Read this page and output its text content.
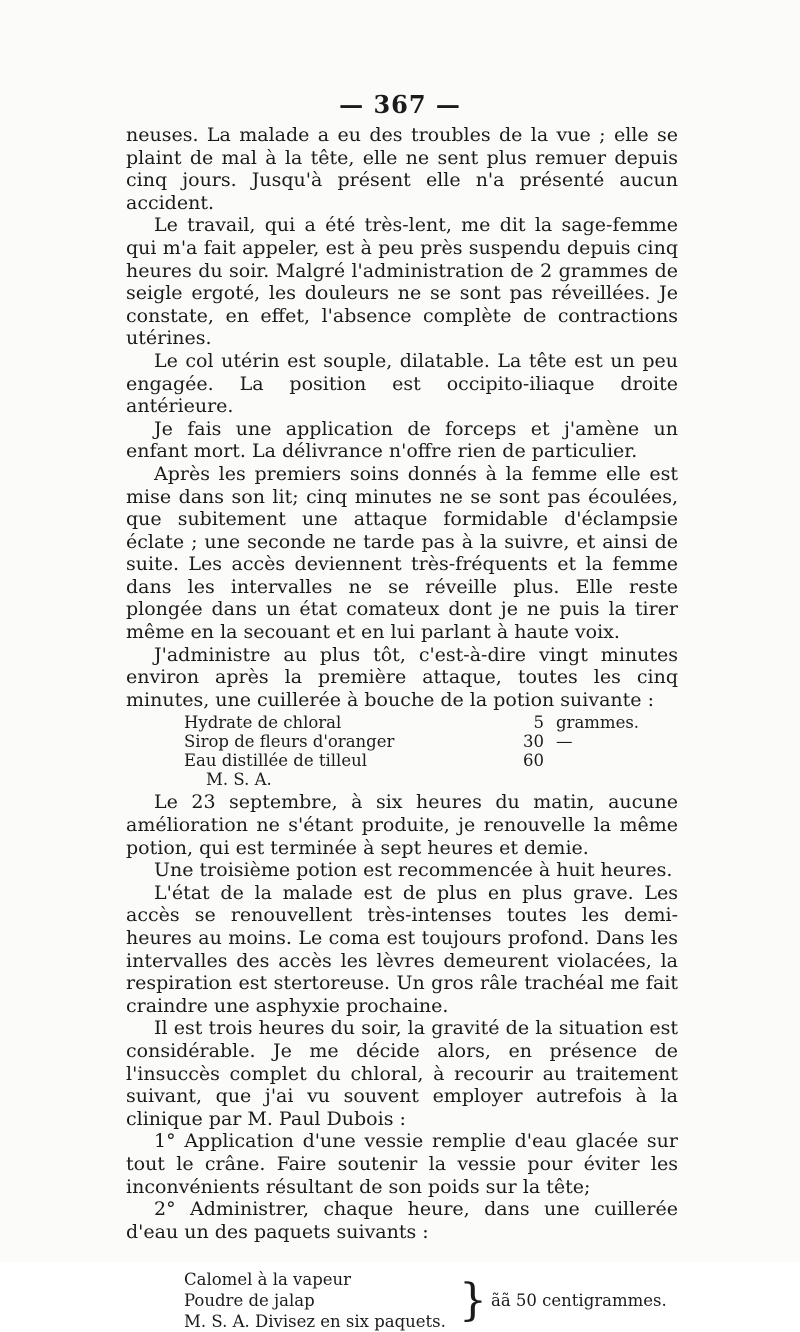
— 367 —

neuses. La malade a eu des troubles de la vue ; elle se plaint de mal à la tête, elle ne sent plus remuer depuis cinq jours. Jusqu'à présent elle n'a présenté aucun accident.

Le travail, qui a été très-lent, me dit la sage-femme qui m'a fait appeler, est à peu près suspendu depuis cinq heures du soir. Malgré l'administration de 2 grammes de seigle ergoté, les douleurs ne se sont pas réveillées. Je constate, en effet, l'absence complète de contractions utérines.

Le col utérin est souple, dilatable. La tête est un peu engagée. La position est occipito-iliaque droite antérieure.

Je fais une application de forceps et j'amène un enfant mort. La délivrance n'offre rien de particulier.

Après les premiers soins donnés à la femme elle est mise dans son lit; cinq minutes ne se sont pas écoulées, que subitement une attaque formidable d'éclampsie éclate ; une seconde ne tarde pas à la suivre, et ainsi de suite. Les accès deviennent très-fréquents et la femme dans les intervalles ne se réveille plus. Elle reste plongée dans un état comateux dont je ne puis la tirer même en la secouant et en lui parlant à haute voix.

J'administre au plus tôt, c'est-à-dire vingt minutes environ après la première attaque, toutes les cinq minutes, une cuillerée à bouche de la potion suivante :

Hydrate de chloral	5 grammes.
Sirop de fleurs d'oranger	30 —
Eau distillée de tilleul	60
M. S. A.

Le 23 septembre, à six heures du matin, aucune amélioration ne s'étant produite, je renouvelle la même potion, qui est terminée à sept heures et demie.

Une troisième potion est recommencée à huit heures.

L'état de la malade est de plus en plus grave. Les accès se renouvellent très-intenses toutes les demi-heures au moins. Le coma est toujours profond. Dans les intervalles des accès les lèvres demeurent violacées, la respiration est stertoreuse. Un gros râle trachéal me fait craindre une asphyxie prochaine.

Il est trois heures du soir, la gravité de la situation est considérable. Je me décide alors, en présence de l'insuccès complet du chloral, à recourir au traitement suivant, que j'ai vu souvent employer autrefois à la clinique par M. Paul Dubois :

1° Application d'une vessie remplie d'eau glacée sur tout le crâne. Faire soutenir la vessie pour éviter les inconvénients résultant de son poids sur la tête;

2° Administrer, chaque heure, dans une cuillerée d'eau un des paquets suivants :

Calomel à la vapeur
Poudre de jalap
M. S. A. Divisez en six paquets. } ãã 50 centigrammes.
